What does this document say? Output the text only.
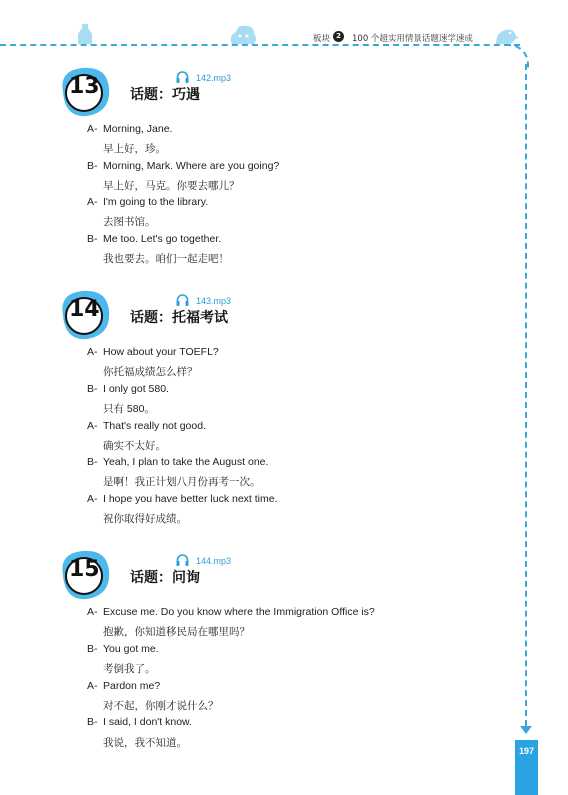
板块 2	100 个超实用情景话题速学速成
197
13	142.mp3
话题：巧遇
A- Morning, Jane.
早上好，珍。
B- Morning, Mark. Where are you going?
早上好，马克。你要去哪儿？
A- I'm going to the library.
去图书馆。
B- Me too. Let's go together.
我也要去。咱们一起走吧！
14	143.mp3
话题：托福考试
A- How about your TOEFL?
你托福成绩怎么样？
B- I only got 580.
只有 580。
A- That's really not good.
确实不太好。
B- Yeah, I plan to take the August one.
是啊！我正计划八月份再考一次。
A- I hope you have better luck next time.
祝你取得好成绩。
15	144.mp3
话题：问询
A- Excuse me. Do you know where the Immigration Office is?
抱歉，你知道移民局在哪里吗？
B- You got me.
考倒我了。
A- Pardon me?
对不起，你刚才说什么？
B- I said, I don't know.
我说，我不知道。
